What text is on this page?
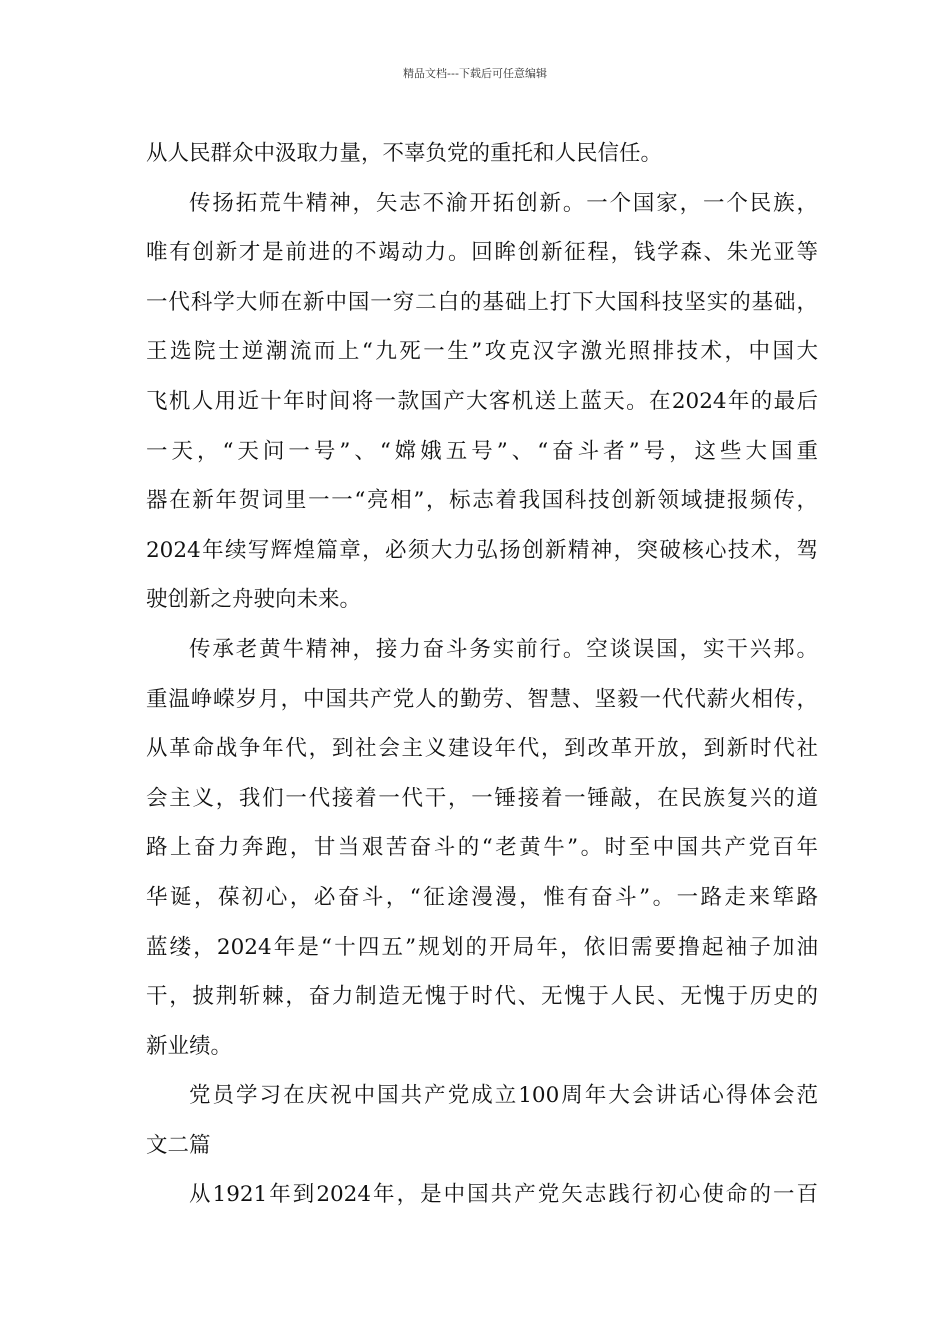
精品文档---下载后可任意编辑
从人民群众中汲取力量，不辜负党的重托和人民信任。
传扬拓荒牛精神，矢志不渝开拓创新。一个国家，一个民族，
唯有创新才是前进的不竭动力。回眸创新征程，钱学森、朱光亚等
一代科学大师在新中国一穷二白的基础上打下大国科技坚实的基础，
王选院士逆潮流而上“九死一生”攻克汉字激光照排技术，中国大
飞机人用近十年时间将一款国产大客机送上蓝天。在2024年的最后
一天，“天问一号”、“嫦娥五号”、“奋斗者”号，这些大国重
器在新年贺词里一一“亮相”，标志着我国科技创新领域捷报频传，
2024年续写辉煌篇章，必须大力弘扬创新精神，突破核心技术，驾
驶创新之舟驶向未来。
传承老黄牛精神，接力奋斗务实前行。空谈误国，实干兴邦。
重温峥嵘岁月，中国共产党人的勤劳、智慧、坚毅一代代薪火相传，
从革命战争年代，到社会主义建设年代，到改革开放，到新时代社
会主义，我们一代接着一代干，一锤接着一锤敲，在民族复兴的道
路上奋力奔跑，甘当艰苦奋斗的“老黄牛”。时至中国共产党百年
华诞，葆初心，必奋斗，“征途漫漫，惟有奋斗”。一路走来筚路
蓝缕，2024年是“十四五”规划的开局年，依旧需要撸起袖子加油
干，披荆斩棘，奋力制造无愧于时代、无愧于人民、无愧于历史的
新业绩。
党员学习在庆祝中国共产党成立100周年大会讲话心得体会范
文二篇
从1921年到2024年，是中国共产党矢志践行初心使命的一百
